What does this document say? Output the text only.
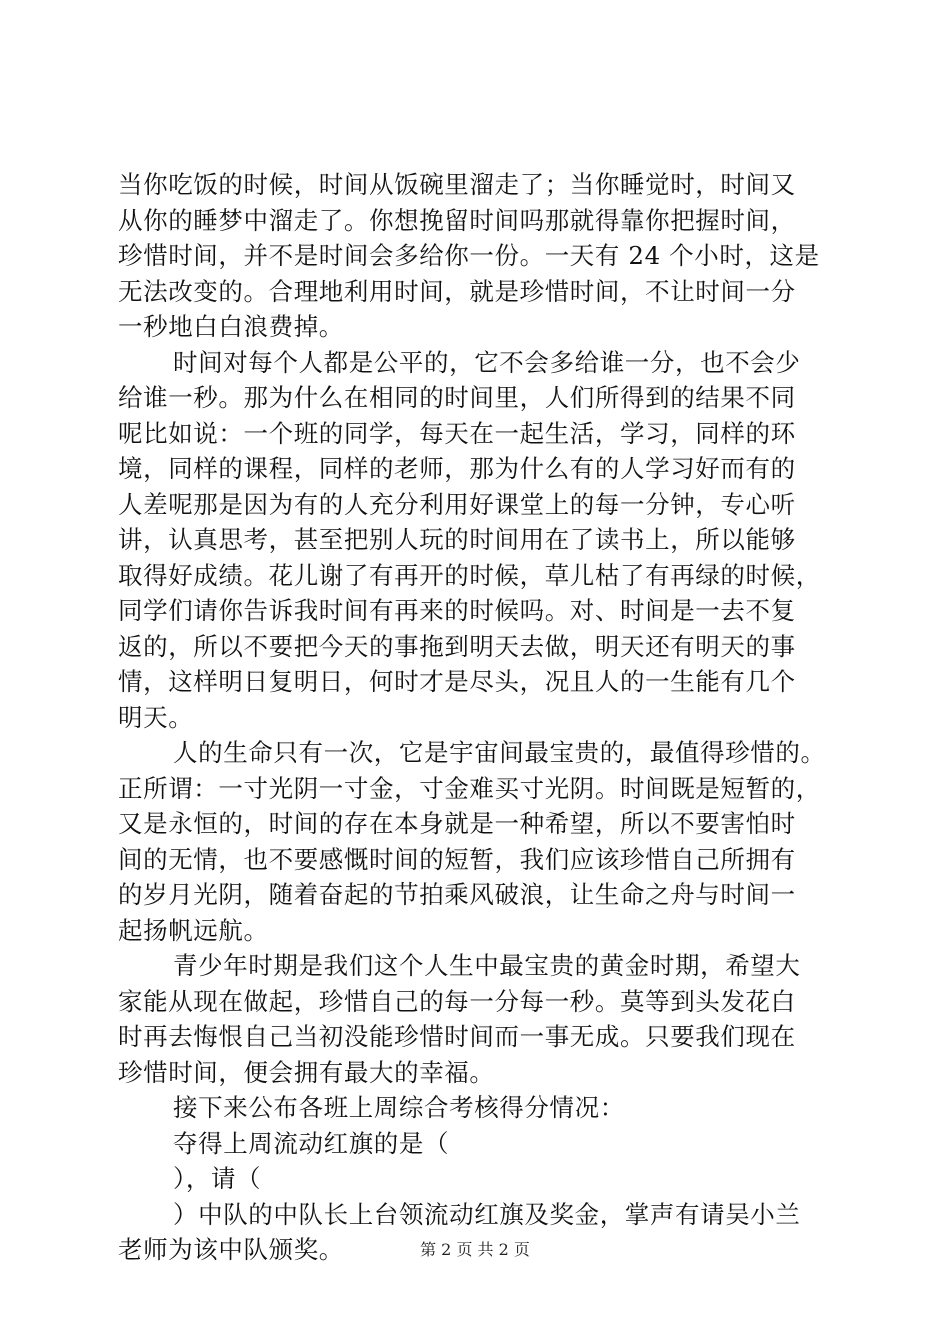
当你吃饭的时候，时间从饭碗里溜走了；当你睡觉时，时间又
从你的睡梦中溜走了。你想挽留时间吗那就得靠你把握时间，
珍惜时间，并不是时间会多给你一份。一天有 24 个小时，这是
无法改变的。合理地利用时间，就是珍惜时间，不让时间一分
一秒地白白浪费掉。
时间对每个人都是公平的，它不会多给谁一分，也不会少
给谁一秒。那为什么在相同的时间里，人们所得到的结果不同
呢比如说：一个班的同学，每天在一起生活，学习，同样的环
境，同样的课程，同样的老师，那为什么有的人学习好而有的
人差呢那是因为有的人充分利用好课堂上的每一分钟，专心听
讲，认真思考，甚至把别人玩的时间用在了读书上，所以能够
取得好成绩。花儿谢了有再开的时候，草儿枯了有再绿的时候，
同学们请你告诉我时间有再来的时候吗。对、时间是一去不复
返的，所以不要把今天的事拖到明天去做，明天还有明天的事
情，这样明日复明日，何时才是尽头，况且人的一生能有几个
明天。
人的生命只有一次，它是宇宙间最宝贵的，最值得珍惜的。
正所谓：一寸光阴一寸金，寸金难买寸光阴。时间既是短暂的，
又是永恒的，时间的存在本身就是一种希望，所以不要害怕时
间的无情，也不要感慨时间的短暂，我们应该珍惜自己所拥有
的岁月光阴，随着奋起的节拍乘风破浪，让生命之舟与时间一
起扬帆远航。
青少年时期是我们这个人生中最宝贵的黄金时期，希望大
家能从现在做起，珍惜自己的每一分每一秒。莫等到头发花白
时再去悔恨自己当初没能珍惜时间而一事无成。只要我们现在
珍惜时间，便会拥有最大的幸福。
接下来公布各班上周综合考核得分情况：
夺得上周流动红旗的是（
），请（
）中队的中队长上台领流动红旗及奖金，掌声有请吴小兰
老师为该中队颁奖。	第 2 页 共 2 页
